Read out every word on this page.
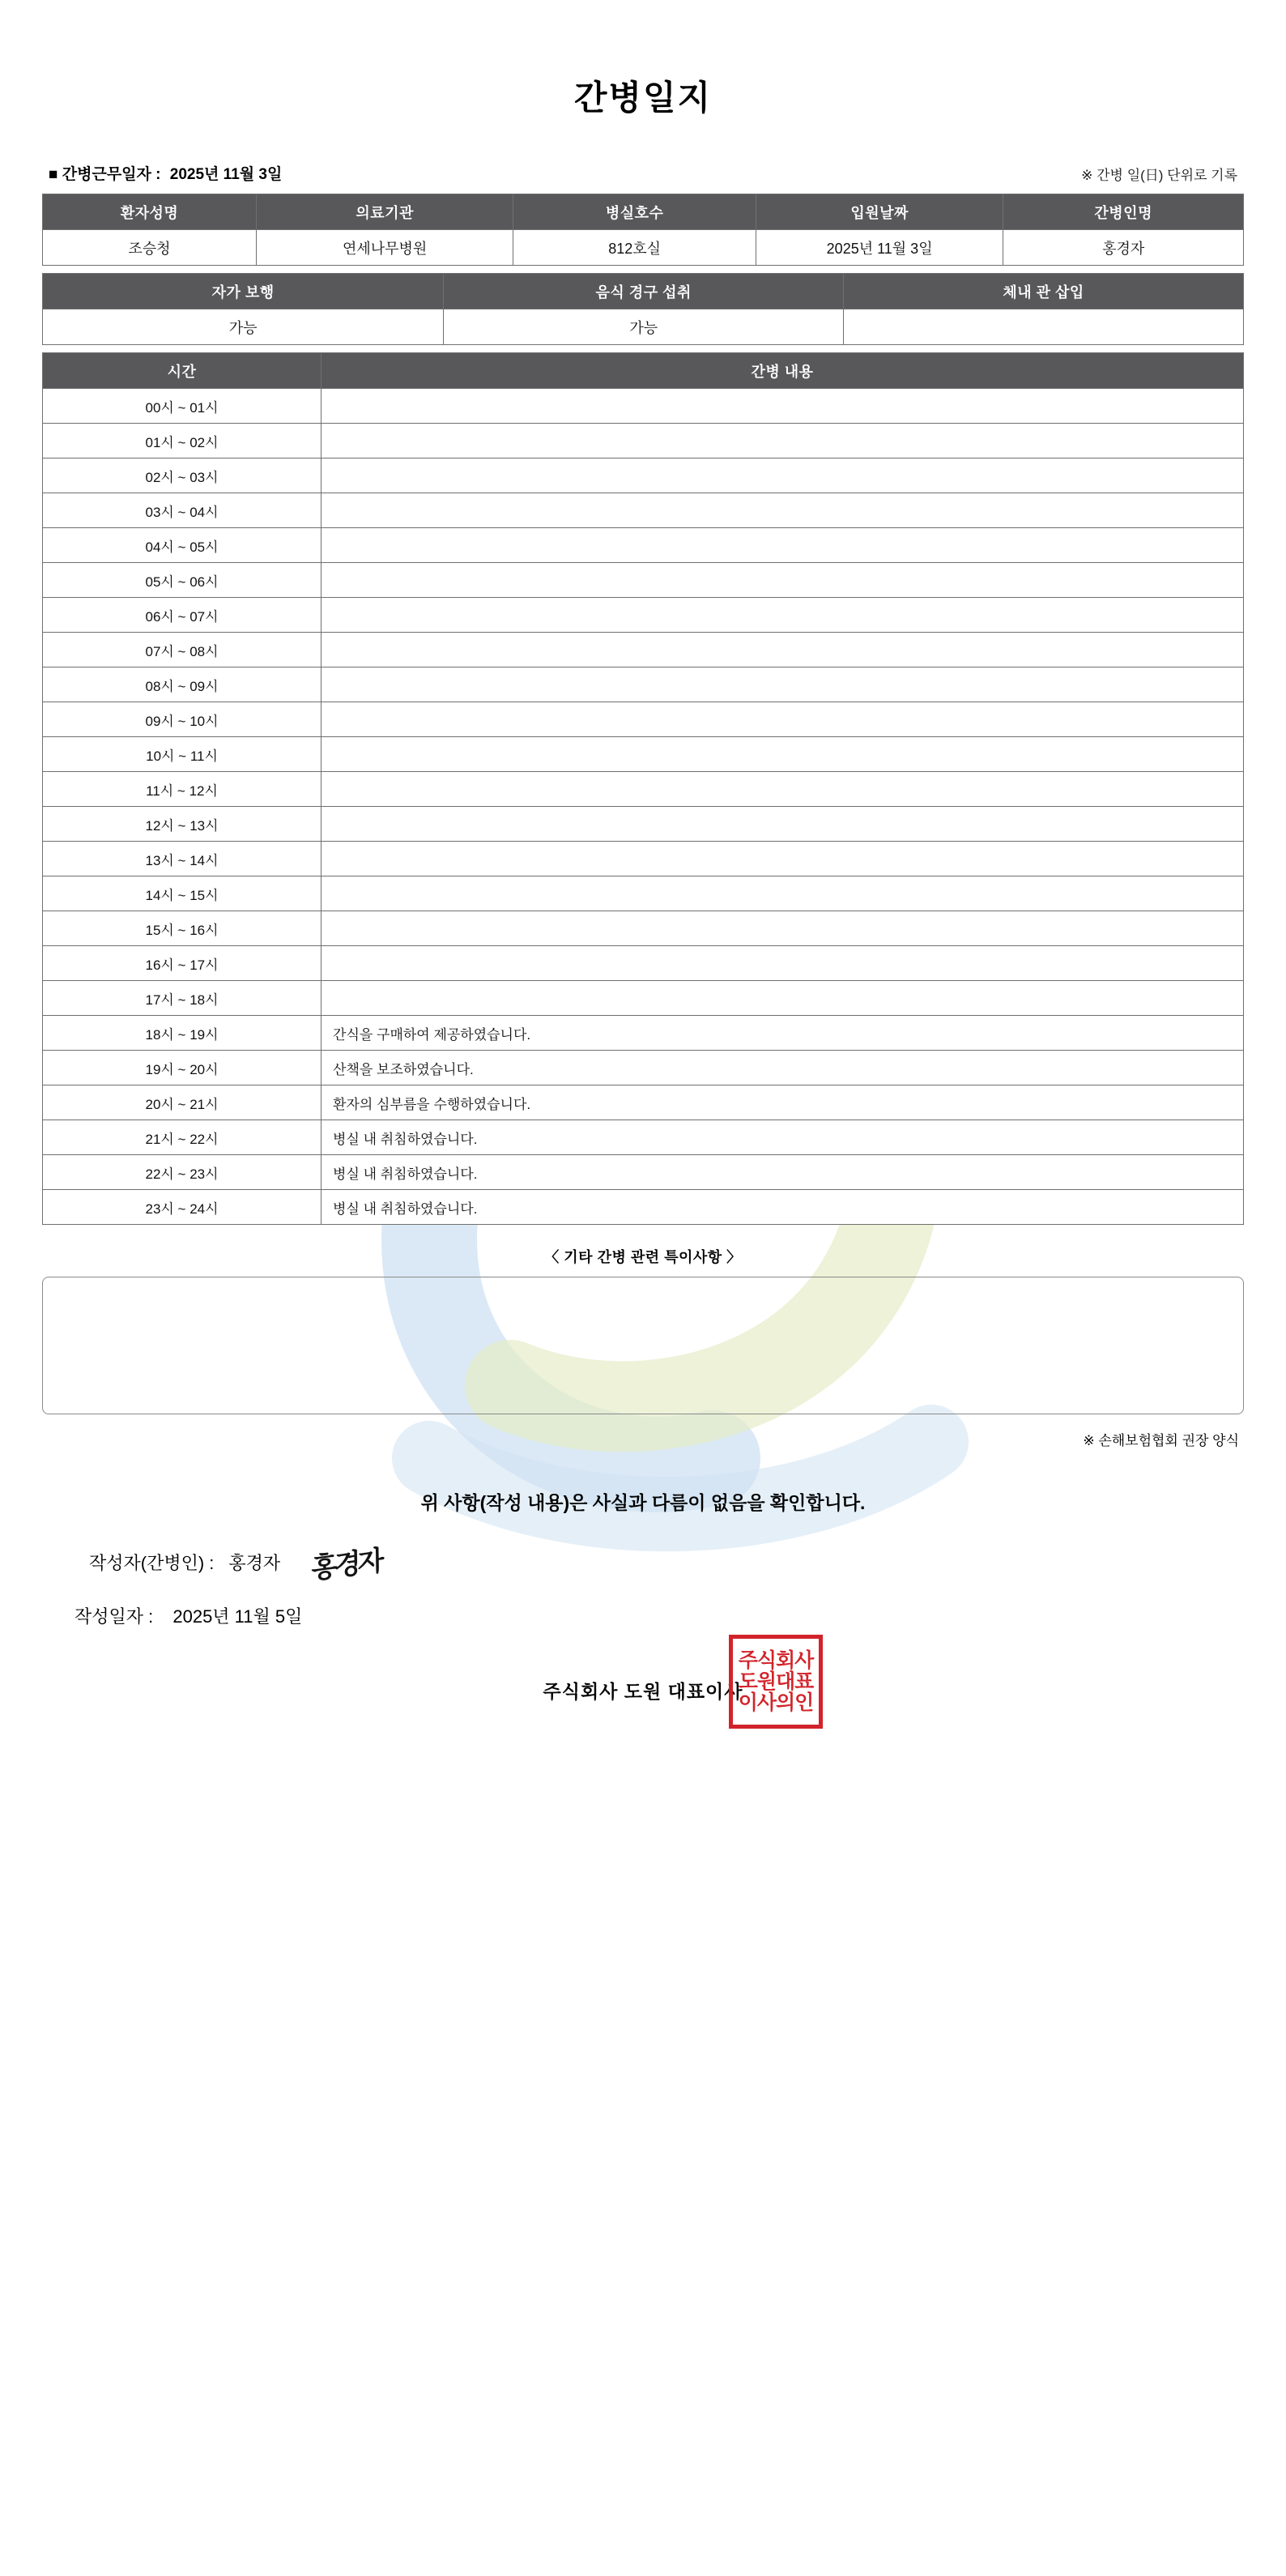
간병일지
■ 간병근무일자 : 2025년 11월 3일	※ 간병 일(日) 단위로 기록
환자성명	의료기관	병실호수	입원날짜	간병인명
조승청	연세나무병원	812호실	2025년 11월 3일	홍경자
자가 보행	음식 경구 섭취	체내 관 삽입
가능	가능	
시간	간병 내용
00시 ~ 01시	
01시 ~ 02시	
02시 ~ 03시	
03시 ~ 04시	
04시 ~ 05시	
05시 ~ 06시	
06시 ~ 07시	
07시 ~ 08시	
08시 ~ 09시	
09시 ~ 10시	
10시 ~ 11시	
11시 ~ 12시	
12시 ~ 13시	
13시 ~ 14시	
14시 ~ 15시	
15시 ~ 16시	
16시 ~ 17시	
17시 ~ 18시	
18시 ~ 19시	간식을 구매하여 제공하였습니다.
19시 ~ 20시	산책을 보조하였습니다.
20시 ~ 21시	환자의 심부름을 수행하였습니다.
21시 ~ 22시	병실 내 취침하였습니다.
22시 ~ 23시	병실 내 취침하였습니다.
23시 ~ 24시	병실 내 취침하였습니다.
〈 기타 간병 관련 특이사항 〉
※ 손해보험협회 권장 양식
위 사항(작성 내용)은 사실과 다름이 없음을 확인합니다.
작성자(간병인) : 홍경자 홍경자
작성일자 : 2025년 11월 5일
주식회사 도원 대표이사
주식회사
도원대표
이사의인
